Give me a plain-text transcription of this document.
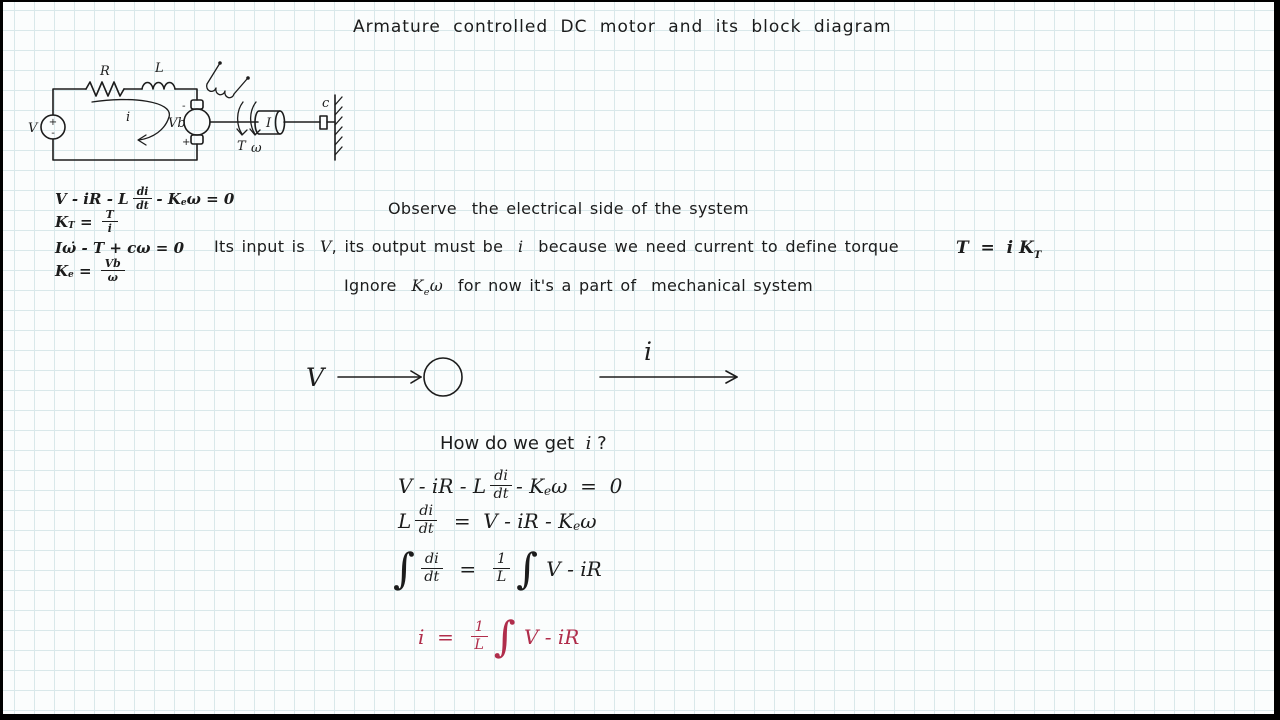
Armature controlled DC motor and its block diagram
+
-
V
R	L
-
Vb
+
i
T ω
I
c
V - iR - L $\frac{di}{dt}$ - K e ω = 0
K $T = \frac{T}{i}$
Iω̇ - T + cω = 0
K $e = \frac{Vb}{\omega}$
Observe  the electrical side of the system
Its input is V , its output must be i because we need current to define torque	T  =  i K T
Ignore K e ω for now it's a part of  mechanical system
V
i
How do we get i ?
V - iR - L $\frac{di}{dt}$ - K e ω  =  0
L $\frac{di}{dt} = V$ - iR - K e ω
∫ $\frac{di}{dt} = \frac{1}{L}$ ∫ V - iR
$i = \frac{1}{L}$ ∫ V - iR
